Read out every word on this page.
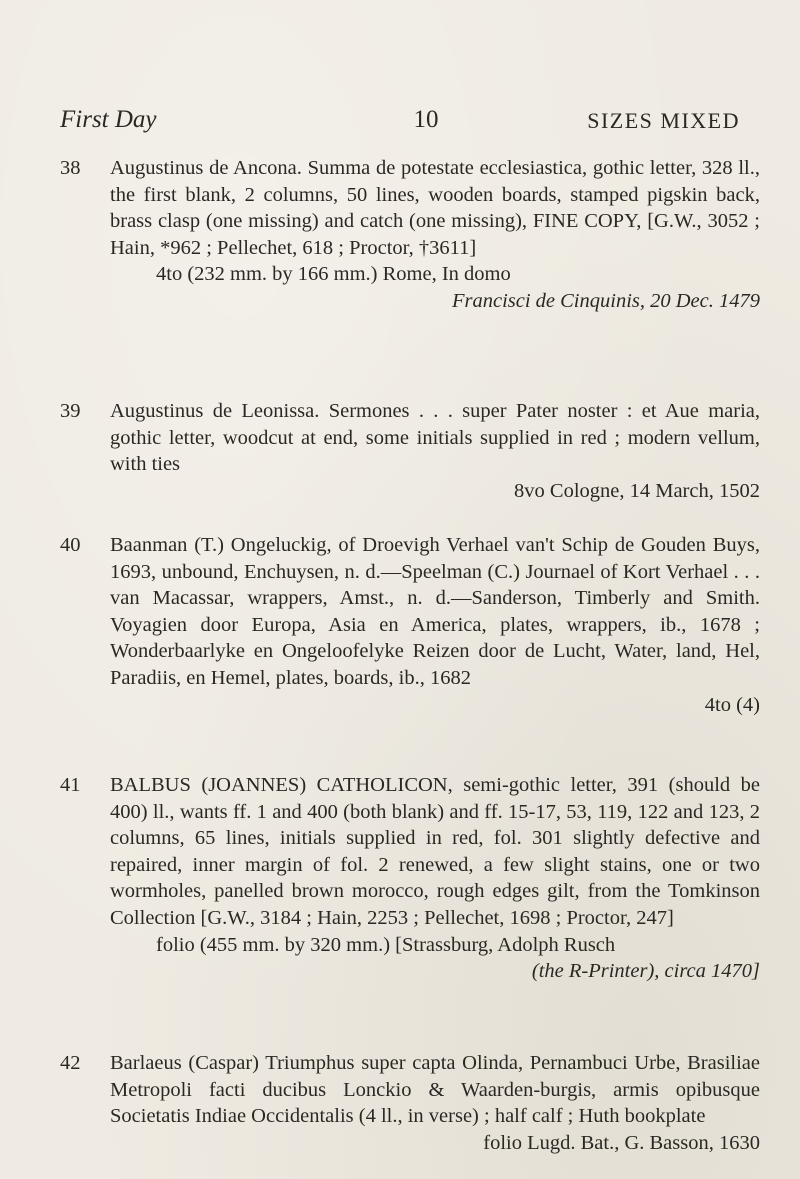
First Day	10	SIZES MIXED
38	Augustinus de Ancona. Summa de potestate ecclesiastica, gothic letter, 328 ll., the first blank, 2 columns, 50 lines, wooden boards, stamped pigskin back, brass clasp (one missing) and catch (one missing), FINE COPY, [G.W., 3052 ; Hain, *962 ; Pellechet, 618 ; Proctor, †3611]
4to (232 mm. by 166 mm.) Rome, In domo
Francisci de Cinquinis, 20 Dec. 1479
39	Augustinus de Leonissa. Sermones . . . super Pater noster : et Aue maria, gothic letter, woodcut at end, some initials supplied in red ; modern vellum, with ties
8vo Cologne, 14 March, 1502
40	Baanman (T.) Ongeluckig, of Droevigh Verhael van't Schip de Gouden Buys, 1693, unbound, Enchuysen, n. d.—Speelman (C.) Journael of Kort Verhael . . . van Macassar, wrappers, Amst., n. d.—Sanderson, Timberly and Smith. Voyagien door Europa, Asia en America, plates, wrappers, ib., 1678 ; Wonderbaarlyke en Ongeloofelyke Reizen door de Lucht, Water, land, Hel, Paradiis, en Hemel, plates, boards, ib., 1682
4to (4)
41	BALBUS (JOANNES) CATHOLICON, semi-gothic letter, 391 (should be 400) ll., wants ff. 1 and 400 (both blank) and ff. 15-17, 53, 119, 122 and 123, 2 columns, 65 lines, initials supplied in red, fol. 301 slightly defective and repaired, inner margin of fol. 2 renewed, a few slight stains, one or two wormholes, panelled brown morocco, rough edges gilt, from the Tomkinson Collection [G.W., 3184 ; Hain, 2253 ; Pellechet, 1698 ; Proctor, 247]
folio (455 mm. by 320 mm.) [Strassburg, Adolph Rusch
(the R-Printer), circa 1470]
42	Barlaeus (Caspar) Triumphus super capta Olinda, Pernambuci Urbe, Brasiliae Metropoli facti ducibus Lonckio & Waarden-burgis, armis opibusque Societatis Indiae Occidentalis (4 ll., in verse) ; half calf ; Huth bookplate
folio Lugd. Bat., G. Basson, 1630
